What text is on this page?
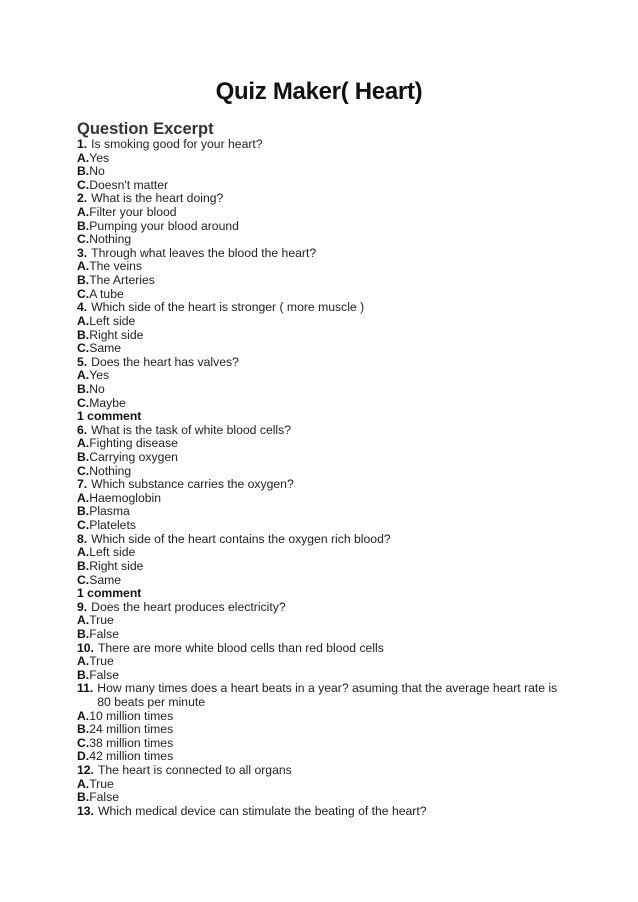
Quiz Maker( Heart)
Question Excerpt
1. Is smoking good for your heart?
A.Yes
B.No
C.Doesn't matter
2. What is the heart doing?
A.Filter your blood
B.Pumping your blood around
C.Nothing
3. Through what leaves the blood the heart?
A.The veins
B.The Arteries
C.A tube
4. Which side of the heart is stronger ( more muscle )
A.Left side
B.Right side
C.Same
5. Does the heart has valves?
A.Yes
B.No
C.Maybe
1 comment
6. What is the task of white blood cells?
A.Fighting disease
B.Carrying oxygen
C.Nothing
7. Which substance carries the oxygen?
A.Haemoglobin
B.Plasma
C.Platelets
8. Which side of the heart contains the oxygen rich blood?
A.Left side
B.Right side
C.Same
1 comment
9. Does the heart produces electricity?
A.True
B.False
10. There are more white blood cells than red blood cells
A.True
B.False
11. How many times does a heart beats in a year? asuming that the average heart rate is 80 beats per minute
A.10 million times
B.24 million times
C.38 million times
D.42 million times
12. The heart is connected to all organs
A.True
B.False
13. Which medical device can stimulate the beating of the heart?
